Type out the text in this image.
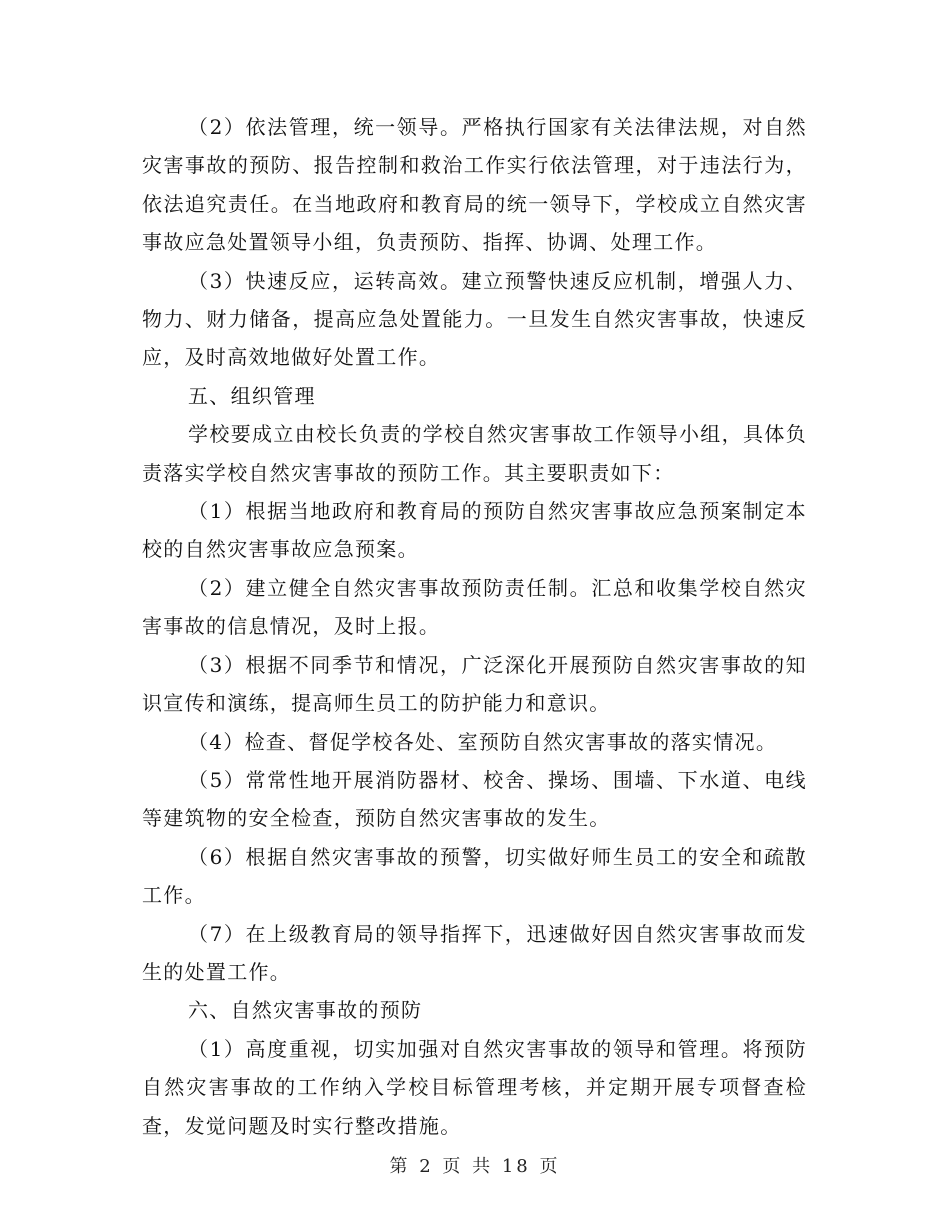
（2）依法管理，统一领导。严格执行国家有关法律法规，对自然灾害事故的预防、报告控制和救治工作实行依法管理，对于违法行为，依法追究责任。在当地政府和教育局的统一领导下，学校成立自然灾害事故应急处置领导小组，负责预防、指挥、协调、处理工作。

（3）快速反应，运转高效。建立预警快速反应机制，增强人力、物力、财力储备，提高应急处置能力。一旦发生自然灾害事故，快速反应，及时高效地做好处置工作。

五、组织管理

学校要成立由校长负责的学校自然灾害事故工作领导小组，具体负责落实学校自然灾害事故的预防工作。其主要职责如下：

（1）根据当地政府和教育局的预防自然灾害事故应急预案制定本校的自然灾害事故应急预案。

（2）建立健全自然灾害事故预防责任制。汇总和收集学校自然灾害事故的信息情况，及时上报。

（3）根据不同季节和情况，广泛深化开展预防自然灾害事故的知识宣传和演练，提高师生员工的防护能力和意识。

（4）检查、督促学校各处、室预防自然灾害事故的落实情况。

（5）常常性地开展消防器材、校舍、操场、围墙、下水道、电线等建筑物的安全检查，预防自然灾害事故的发生。

（6）根据自然灾害事故的预警，切实做好师生员工的安全和疏散工作。

（7）在上级教育局的领导指挥下，迅速做好因自然灾害事故而发生的处置工作。

六、自然灾害事故的预防

（1）高度重视，切实加强对自然灾害事故的领导和管理。将预防自然灾害事故的工作纳入学校目标管理考核，并定期开展专项督查检查，发觉问题及时实行整改措施。

第 2 页 共 18 页
